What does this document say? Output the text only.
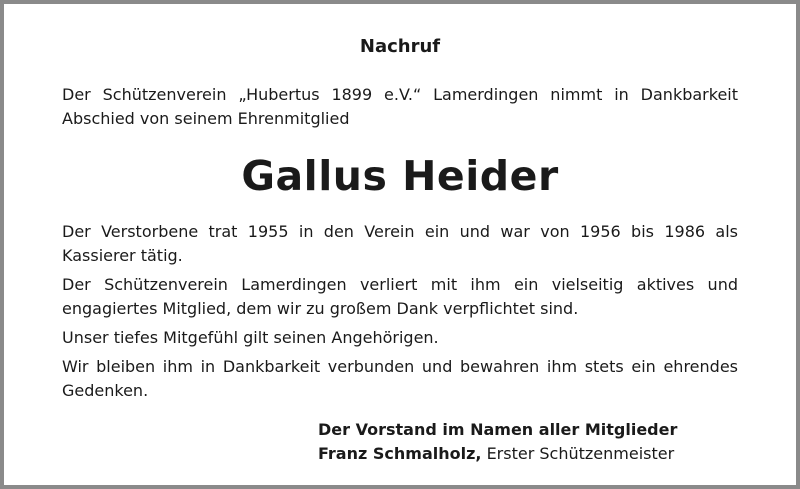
Nachruf
Der Schützenverein „Hubertus 1899 e.V.“ Lamerdingen nimmt in Dankbarkeit Abschied von seinem Ehrenmitglied
Gallus Heider

Der Verstorbene trat 1955 in den Verein ein und war von 1956 bis 1986 als Kassierer tätig.

Der Schützenverein Lamerdingen verliert mit ihm ein vielseitig aktives und engagiertes Mitglied, dem wir zu großem Dank verpflichtet sind.

Unser tiefes Mitgefühl gilt seinen Angehörigen.

Wir bleiben ihm in Dankbarkeit verbunden und bewahren ihm stets ein ehrendes Gedenken.

Der Vorstand im Namen aller Mitglieder
Franz Schmalholz, Erster Schützenmeister
